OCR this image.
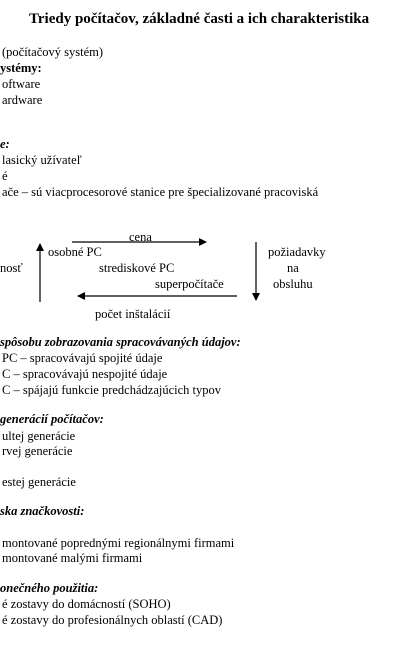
Triedy počítačov, základné časti a ich charakteristika
(počítačový systém)
ystémy:
oftware
ardware
e:
lasický užívateľ
é
ače – sú viacprocesorové stanice pre špecializované pracoviská
cena
osobné PC
nosť	strediskové PC
superpočítače
požiadavky
na
obsluhu
počet inštalácií
spôsobu zobrazovania spracovávaných údajov:
PC – spracovávajú spojité údaje
C – spracovávajú nespojité údaje
C – spájajú funkcie predchádzajúcich typov
generácií počítačov:
ultej generácie
rvej generácie
estej generácie
ska značkovosti:
montované poprednými regionálnymi firmami
montované malými firmami
onečného použitia:
é zostavy do domácností (SOHO)
é zostavy do profesionálnych oblastí (CAD)
